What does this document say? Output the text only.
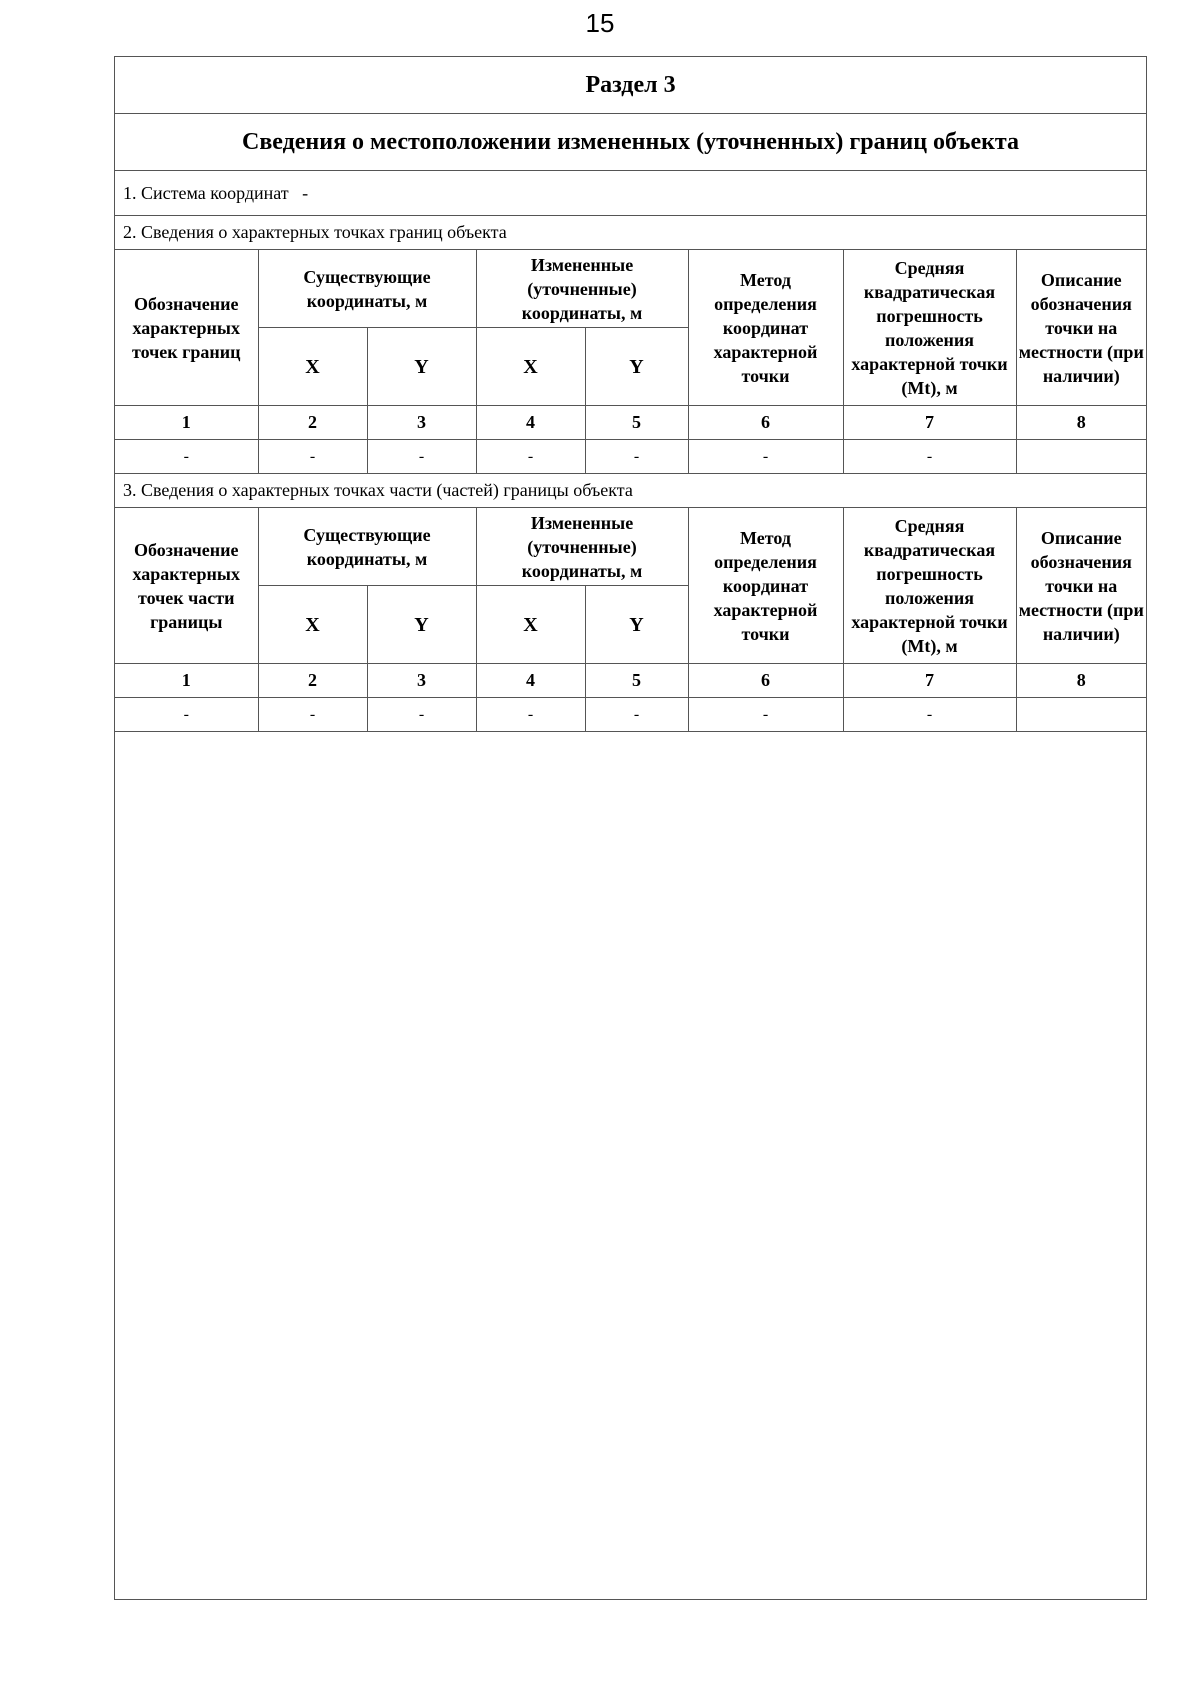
15
Раздел 3							
Сведения о местоположении измененных (уточненных) границ объекта							
1. Система координат -							
2. Сведения о характерных точках границ объекта							
Обозначение характерных точек границ	Существующие координаты, м		Измененные (уточненные) координаты, м		Метод определения координат характерной точки	Средняя квадратическая погрешность положения характерной точки (Mt), м	Описание обозначения точки на местности (при наличии)
	X	Y	X	Y			
1	2	3	4	5	6	7	8
-	-	-	-	-	-	-	
3. Сведения о характерных точках части (частей) границы объекта							
Обозначение характерных точек части границы	Существующие координаты, м		Измененные (уточненные) координаты, м		Метод определения координат характерной точки	Средняя квадратическая погрешность положения характерной точки (Mt), м	Описание обозначения точки на местности (при наличии)
	X	Y	X	Y			
1	2	3	4	5	6	7	8
-	-	-	-	-	-	-	
